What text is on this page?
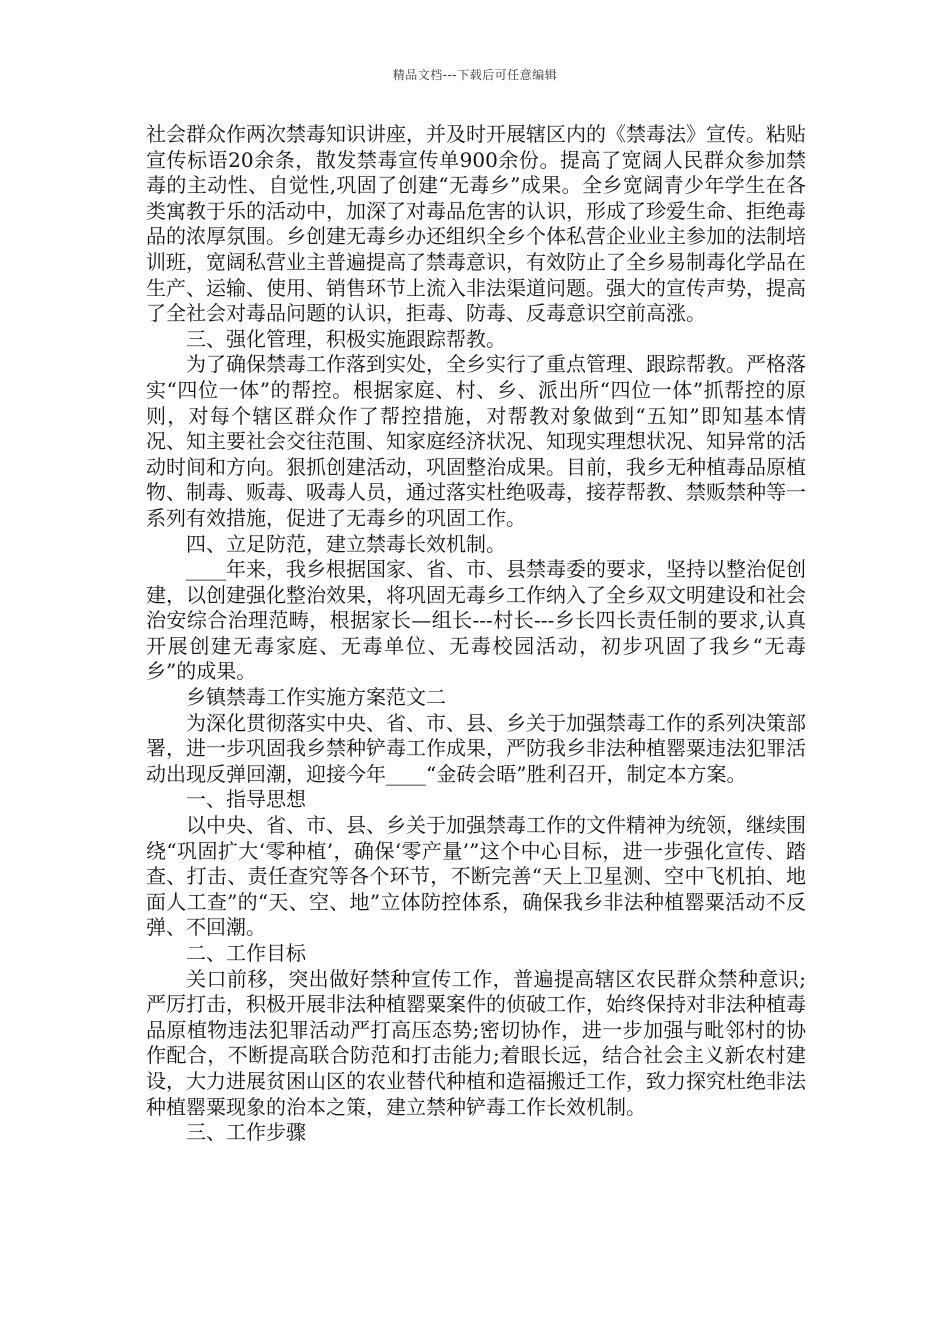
精品文档---下载后可任意编辑

社会群众作两次禁毒知识讲座，并及时开展辖区内的《禁毒法》宣传。粘贴宣传标语20余条，散发禁毒宣传单900余份。提高了宽阔人民群众参加禁毒的主动性、自觉性,巩固了创建“无毒乡”成果。全乡宽阔青少年学生在各类寓教于乐的活动中，加深了对毒品危害的认识，形成了珍爱生命、拒绝毒品的浓厚氛围。乡创建无毒乡办还组织全乡个体私营企业业主参加的法制培训班，宽阔私营业主普遍提高了禁毒意识，有效防止了全乡易制毒化学品在生产、运输、使用、销售环节上流入非法渠道问题。强大的宣传声势，提高了全社会对毒品问题的认识，拒毒、防毒、反毒意识空前高涨。

三、强化管理，积极实施跟踪帮教。

为了确保禁毒工作落到实处，全乡实行了重点管理、跟踪帮教。严格落实“四位一体”的帮控。根据家庭、村、乡、派出所“四位一体”抓帮控的原则，对每个辖区群众作了帮控措施，对帮教对象做到“五知”即知基本情况、知主要社会交往范围、知家庭经济状况、知现实理想状况、知异常的活动时间和方向。狠抓创建活动，巩固整治成果。目前，我乡无种植毒品原植物、制毒、贩毒、吸毒人员，通过落实杜绝吸毒，接荐帮教、禁贩禁种等一系列有效措施，促进了无毒乡的巩固工作。

四、立足防范，建立禁毒长效机制。

____年来，我乡根据国家、省、市、县禁毒委的要求，坚持以整治促创建，以创建强化整治效果，将巩固无毒乡工作纳入了全乡双文明建设和社会治安综合治理范畴，根据家长—组长---村长---乡长四长责任制的要求,认真开展创建无毒家庭、无毒单位、无毒校园活动，初步巩固了我乡“无毒乡”的成果。

乡镇禁毒工作实施方案范文二

为深化贯彻落实中央、省、市、县、乡关于加强禁毒工作的系列决策部署，进一步巩固我乡禁种铲毒工作成果，严防我乡非法种植罂粟违法犯罪活动出现反弹回潮，迎接今年____“金砖会晤”胜利召开，制定本方案。

一、指导思想

以中央、省、市、县、乡关于加强禁毒工作的文件精神为统领，继续围绕“巩固扩大‘零种植’，确保‘零产量’”这个中心目标，进一步强化宣传、踏查、打击、责任查究等各个环节，不断完善“天上卫星测、空中飞机拍、地面人工查”的“天、空、地”立体防控体系，确保我乡非法种植罂粟活动不反弹、不回潮。

二、工作目标

关口前移，突出做好禁种宣传工作，普遍提高辖区农民群众禁种意识;严厉打击，积极开展非法种植罂粟案件的侦破工作，始终保持对非法种植毒品原植物违法犯罪活动严打高压态势;密切协作，进一步加强与毗邻村的协作配合，不断提高联合防范和打击能力;着眼长远，结合社会主义新农村建设，大力进展贫困山区的农业替代种植和造福搬迁工作，致力探究杜绝非法种植罂粟现象的治本之策，建立禁种铲毒工作长效机制。

三、工作步骤
